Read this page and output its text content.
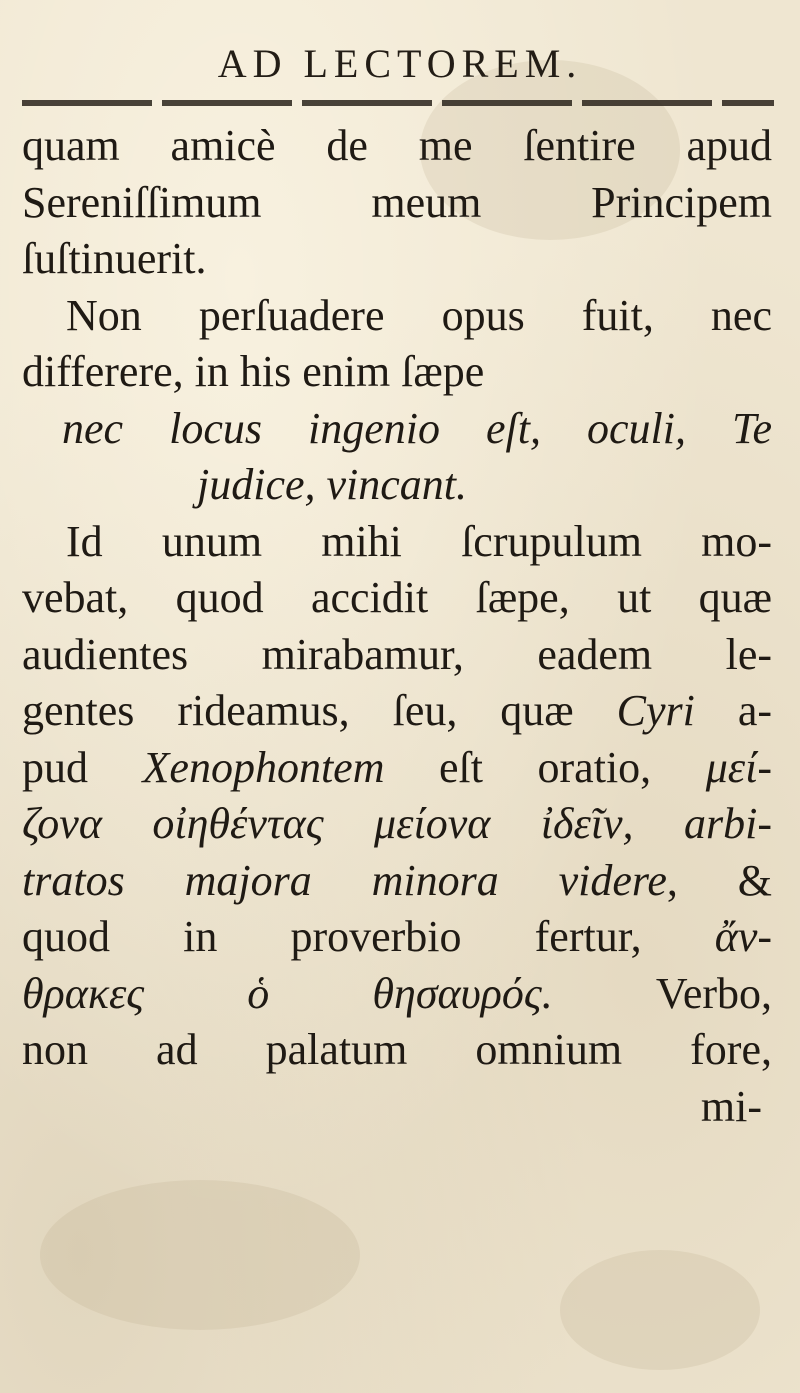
AD LECTOREM.
quam amicè de me ſentire apud
Sereniſſimum meum Principem
ſuſtinuerit.
Non perſuadere opus fuit, nec
differere, in his enim ſæpe
nec locus ingenio eſt, oculi, Te
judice, vincant.
Id unum mihi ſcrupulum mo-
vebat, quod accidit ſæpe, ut quæ
audientes mirabamur, eadem le-
gentes rideamus, ſeu, quæ Cyri a-
pud Xenophontem eſt oratio, μεί-
ζονα οἰηθέντας μείονα ἰδεῖν, arbi-
tratos majora minora videre, &
quod in proverbio fertur, ἄν-
θρακες ὁ θησαυρός. Verbo,
non ad palatum omnium fore,
mi-
